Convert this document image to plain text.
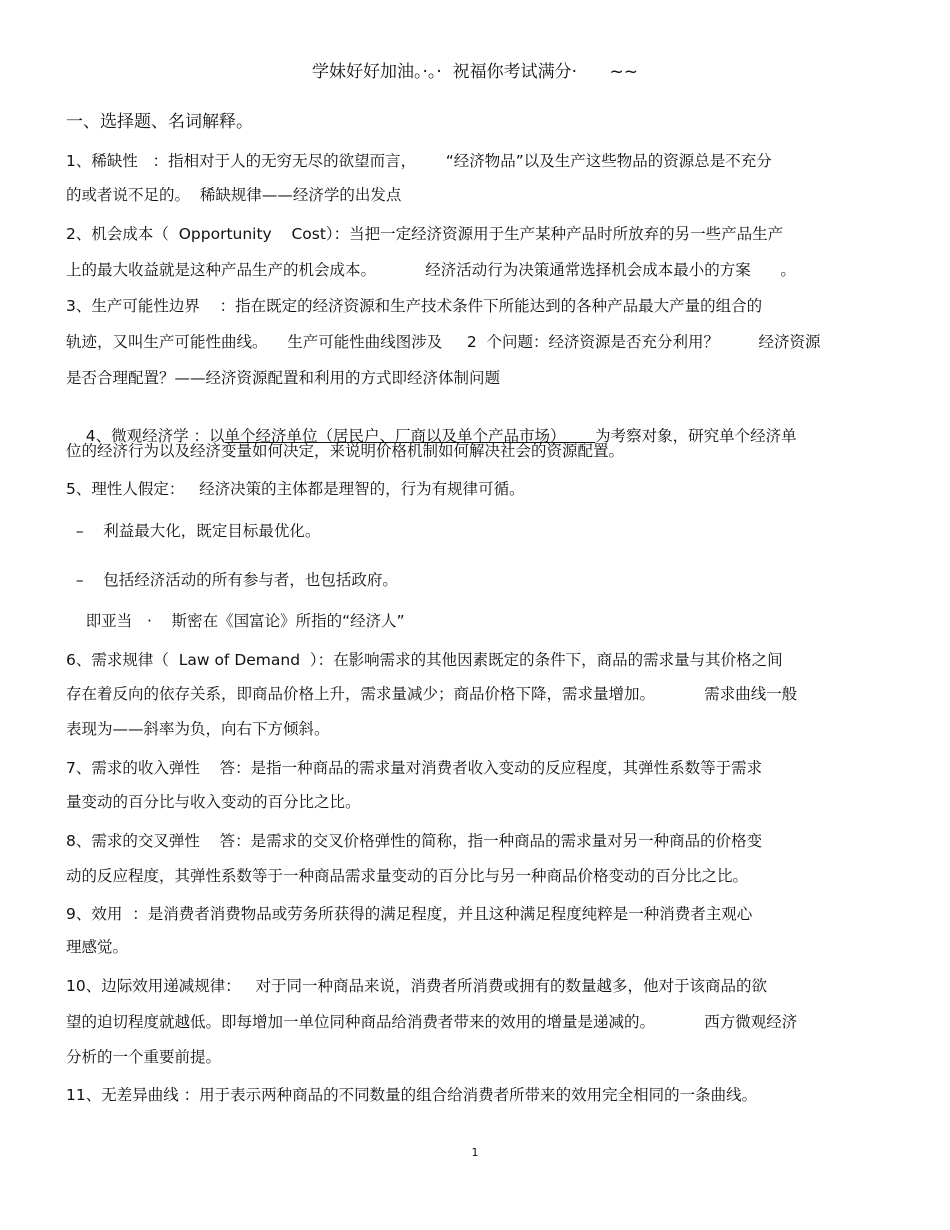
学妹好好加油。·。·  祝福你考试满分·      ~~
一、选择题、名词解释。
1、稀缺性   ：指相对于人的无穷无尽的欲望而言，      “经济物品”以及生产这些物品的资源总是不充分
的或者说不足的。  稀缺规律——经济学的出发点
2、机会成本（  Opportunity    Cost）：当把一定经济资源用于生产某种产品时所放弃的另一些产品生产
上的最大收益就是这种产品生产的机会成本。          经济活动行为决策通常选择机会成本最小的方案      。
3、生产可能性边界    ：指在既定的经济资源和生产技术条件下所能达到的各种产品最大产量的组合的
轨迹，又叫生产可能性曲线。    生产可能性曲线图涉及     2  个问题：经济资源是否充分利用？        经济资源
是否合理配置？——经济资源配置和利用的方式即经济体制问题

4、微观经济学 ：以单个经济单位（居民户、厂商以及单个产品市场）      为考察对象，研究单个经济单

位的经济行为以及经济变量如何决定，来说明价格机制如何解决社会的资源配置。
5、理性人假定：   经济决策的主体都是理智的，行为有规律可循。
–    利益最大化，既定目标最优化。
–    包括经济活动的所有参与者，也包括政府。
即亚当   ·    斯密在《国富论》所指的“经济人”
6、需求规律（  Law of Demand  ）：在影响需求的其他因素既定的条件下，商品的需求量与其价格之间
存在着反向的依存关系，即商品价格上升，需求量减少；商品价格下降，需求量增加。          需求曲线一般
表现为——斜率为负，向右下方倾斜。
7、需求的收入弹性    答：是指一种商品的需求量对消费者收入变动的反应程度，其弹性系数等于需求
量变动的百分比与收入变动的百分比之比。
8、需求的交叉弹性    答：是需求的交叉价格弹性的简称，指一种商品的需求量对另一种商品的价格变
动的反应程度，其弹性系数等于一种商品需求量变动的百分比与另一种商品价格变动的百分比之比。
9、效用  ：是消费者消费物品或劳务所获得的满足程度，并且这种满足程度纯粹是一种消费者主观心
理感觉。
10、边际效用递减规律：   对于同一种商品来说，消费者所消费或拥有的数量越多，他对于该商品的欲
望的迫切程度就越低。即每增加一单位同种商品给消费者带来的效用的增量是递减的。          西方微观经济
分析的一个重要前提。
11、无差异曲线 ：用于表示两种商品的不同数量的组合给消费者所带来的效用完全相同的一条曲线。
1
